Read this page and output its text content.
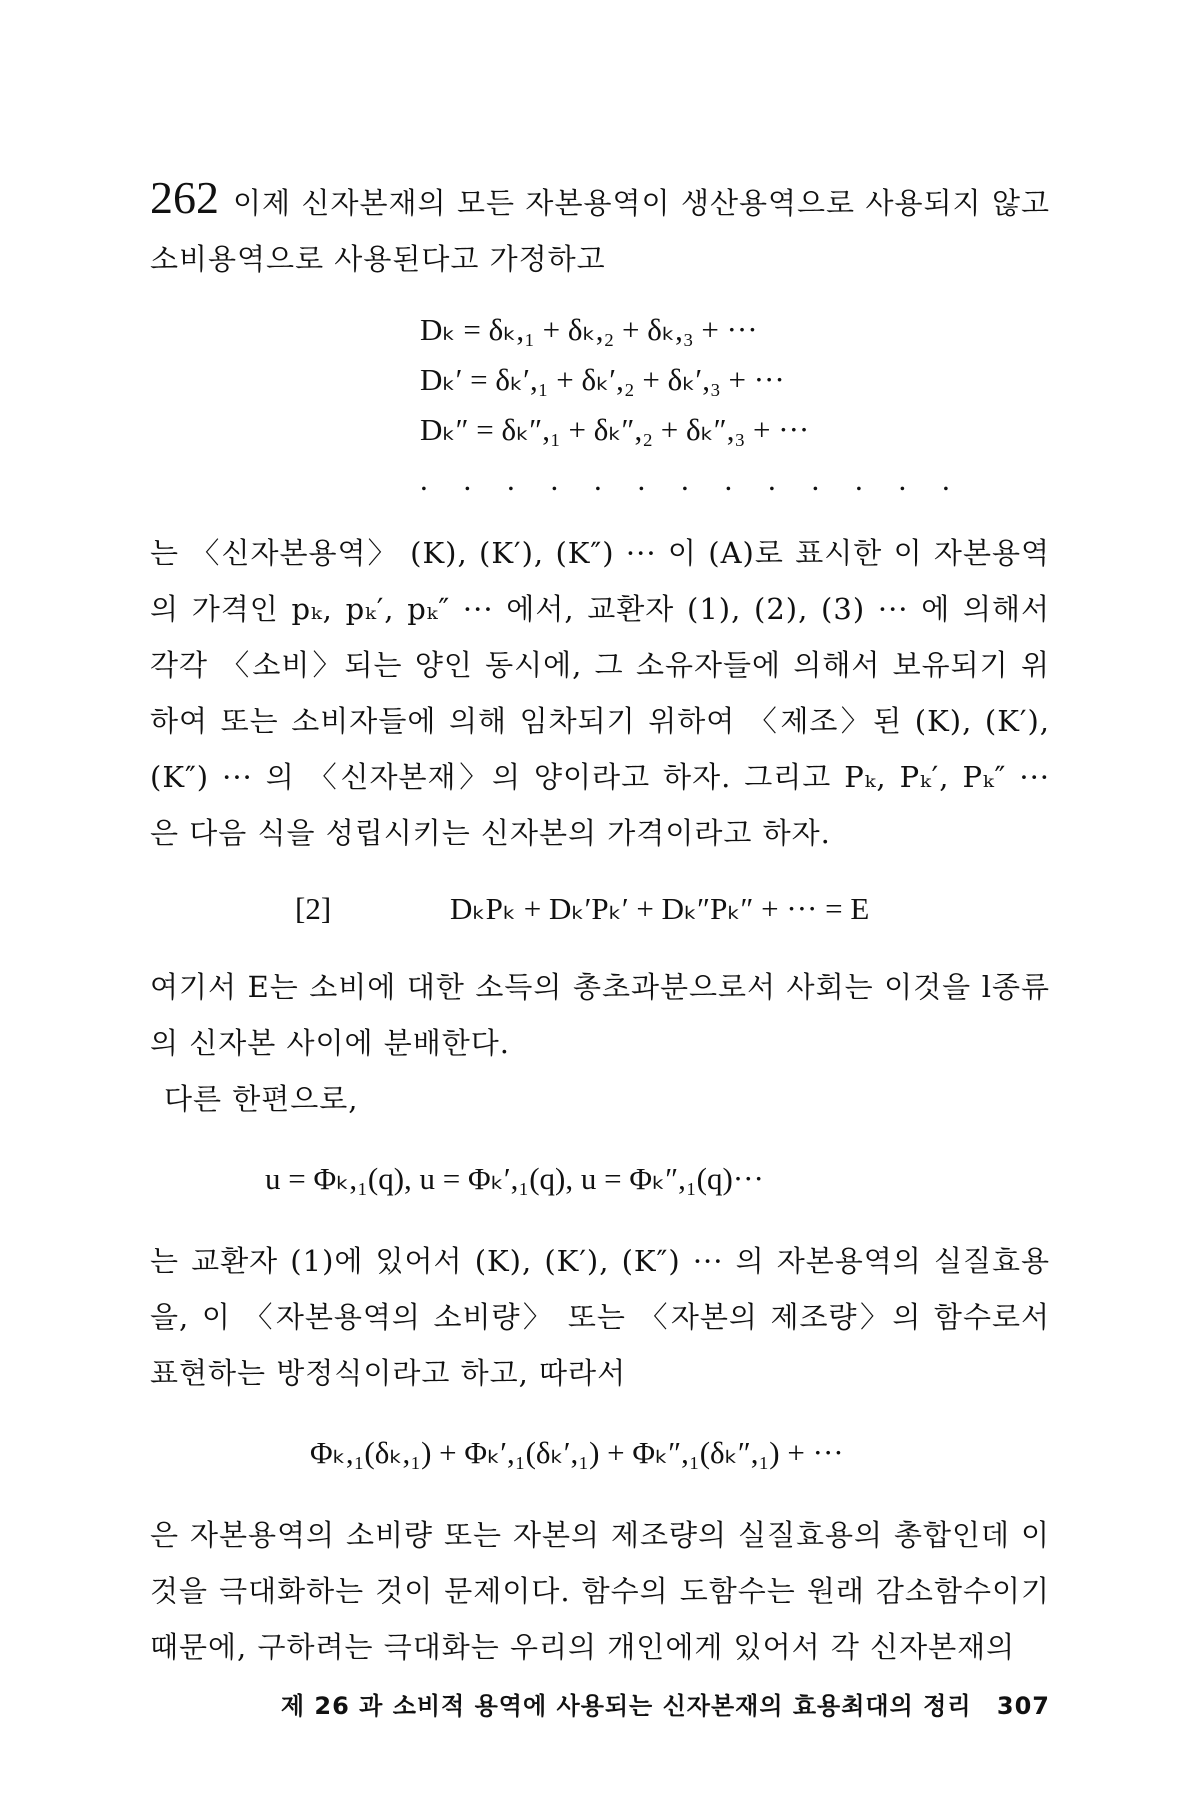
262 이제 신자본재의 모든 자본용역이 생산용역으로 사용되지 않고 소비용역으로 사용된다고 가정하고

Dₖ = δₖ,₁ + δₖ,₂ + δₖ,₃ + ···
Dₖ′ = δₖ′,₁ + δₖ′,₂ + δₖ′,₃ + ···
Dₖ″ = δₖ″,₁ + δₖ″,₂ + δₖ″,₃ + ···
. . . . . . . . . . . . .

는 〈신자본용역〉 (K), (K′), (K″) ··· 이 (A)로 표시한 이 자본용역의 가격인 pₖ, pₖ′, pₖ″ ··· 에서, 교환자 (1), (2), (3) ··· 에 의해서 각각 〈소비〉되는 양인 동시에, 그 소유자들에 의해서 보유되기 위하여 또는 소비자들에 의해 임차되기 위하여 〈제조〉된 (K), (K′), (K″) ··· 의 〈신자본재〉의 양이라고 하자. 그리고 Pₖ, Pₖ′, Pₖ″ ··· 은 다음 식을 성립시키는 신자본의 가격이라고 하자.

[2]	DₖPₖ + Dₖ′Pₖ′ + Dₖ″Pₖ″ + ··· = E

여기서 E는 소비에 대한 소득의 총초과분으로서 사회는 이것을 l종류의 신자본 사이에 분배한다.

다른 한편으로,

u = Φₖ,₁(q), u = Φₖ′,₁(q), u = Φₖ″,₁(q)···

는 교환자 (1)에 있어서 (K), (K′), (K″) ··· 의 자본용역의 실질효용을, 이 〈자본용역의 소비량〉 또는 〈자본의 제조량〉의 함수로서 표현하는 방정식이라고 하고, 따라서

Φₖ,₁(δₖ,₁) + Φₖ′,₁(δₖ′,₁) + Φₖ″,₁(δₖ″,₁) + ···

은 자본용역의 소비량 또는 자본의 제조량의 실질효용의 총합인데 이것을 극대화하는 것이 문제이다. 함수의 도함수는 원래 감소함수이기 때문에, 구하려는 극대화는 우리의 개인에게 있어서 각 신자본재의

제 26 과 소비적 용역에 사용되는 신자본재의 효용최대의 정리 307
